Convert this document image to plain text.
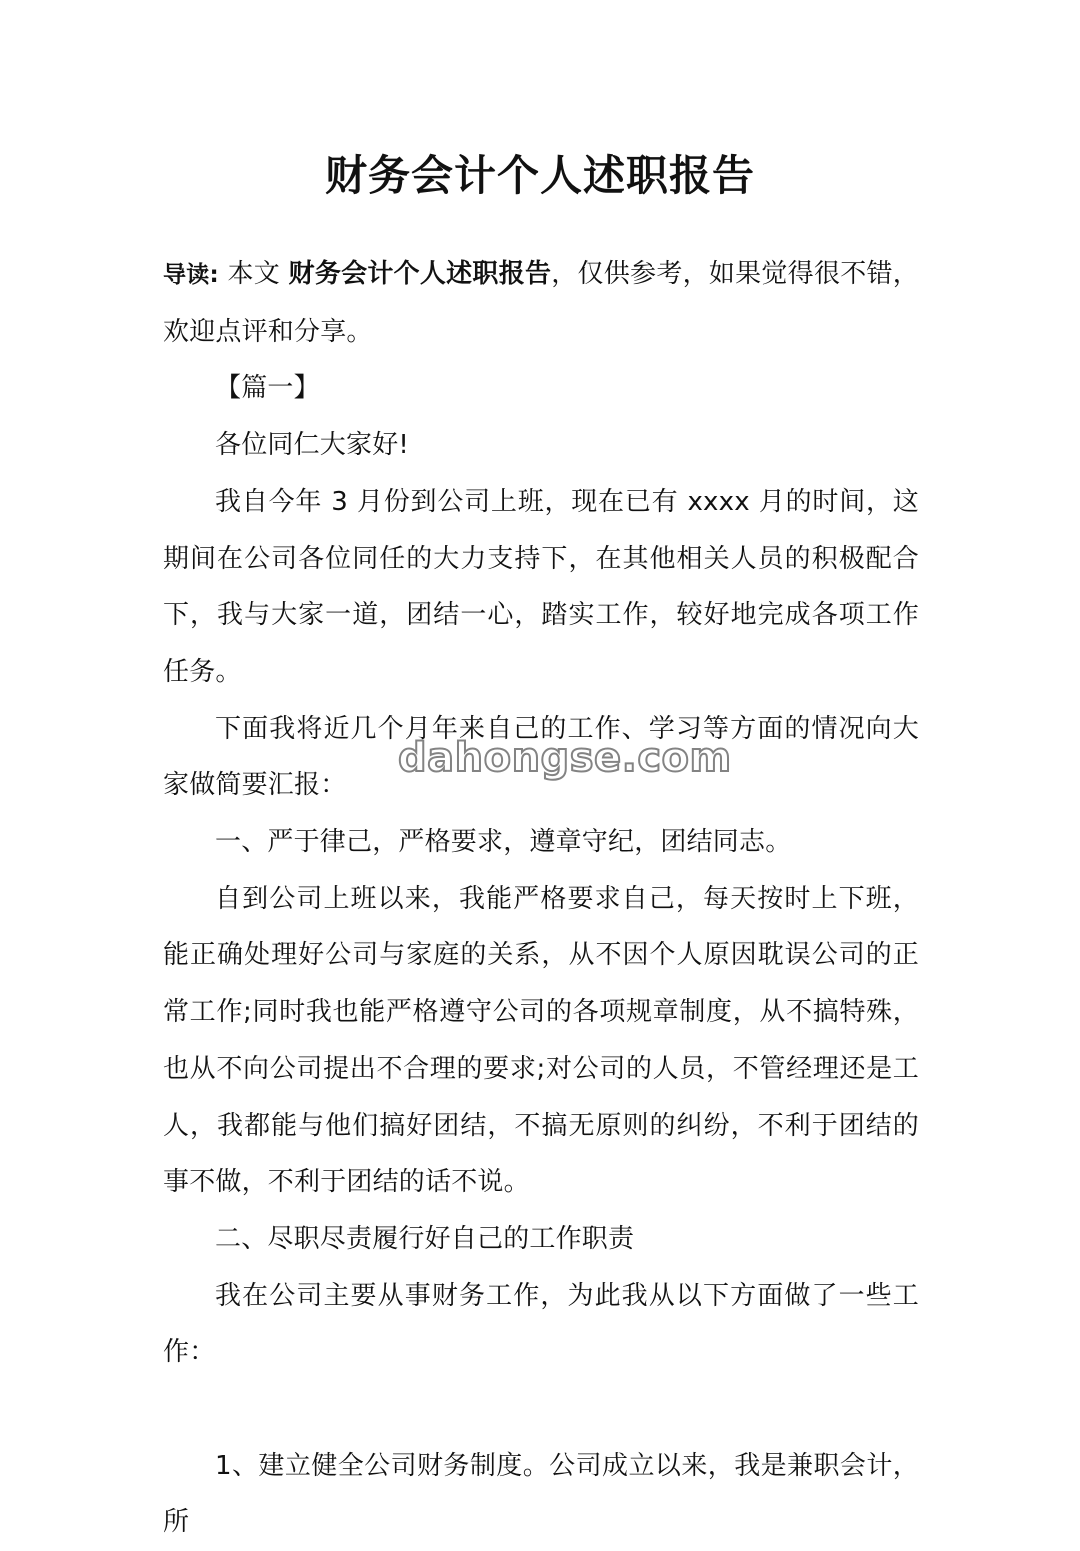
财务会计个人述职报告

导读: 本文 财务会计个人述职报告，仅供参考，如果觉得很不错，欢迎点评和分享。

【篇一】

各位同仁大家好!

我自今年 3 月份到公司上班，现在已有 xxxx 月的时间，这期间在公司各位同任的大力支持下，在其他相关人员的积极配合下，我与大家一道，团结一心，踏实工作，较好地完成各项工作任务。

下面我将近几个月年来自己的工作、学习等方面的情况向大家做简要汇报：

一、严于律己，严格要求，遵章守纪，团结同志。

自到公司上班以来，我能严格要求自己，每天按时上下班，能正确处理好公司与家庭的关系，从不因个人原因耽误公司的正常工作;同时我也能严格遵守公司的各项规章制度，从不搞特殊，也从不向公司提出不合理的要求;对公司的人员，不管经理还是工人，我都能与他们搞好团结，不搞无原则的纠纷，不利于团结的事不做，不利于团结的话不说。

二、尽职尽责履行好自己的工作职责

我在公司主要从事财务工作，为此我从以下方面做了一些工作：

1、建立健全公司财务制度。公司成立以来，我是兼职会计，所

dahongse.com
